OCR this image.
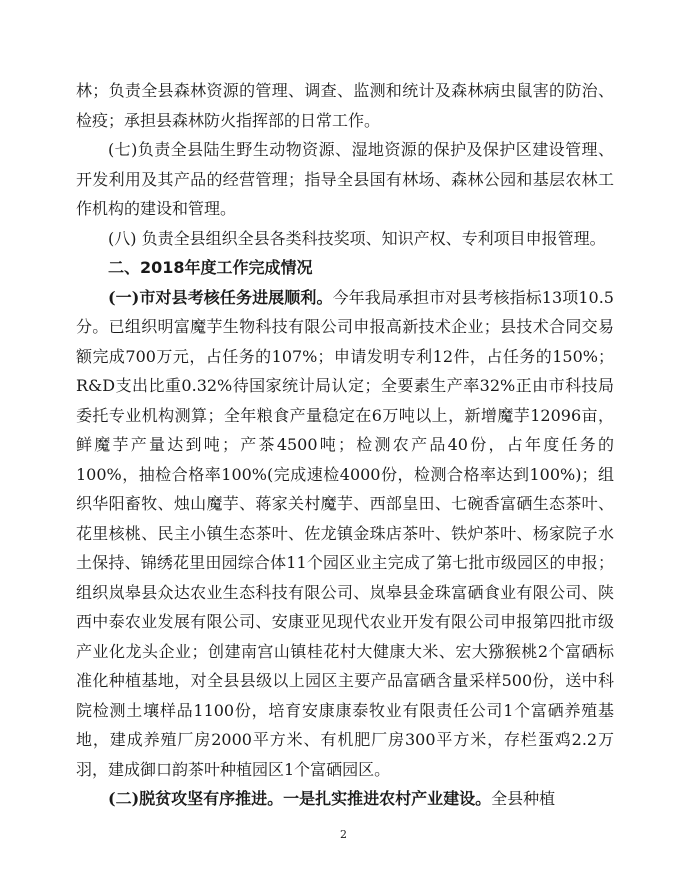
林；负责全县森林资源的管理、调查、监测和统计及森林病虫鼠害的防治、检疫；承担县森林防火指挥部的日常工作。

(七)负责全县陆生野生动物资源、湿地资源的保护及保护区建设管理、开发利用及其产品的经营管理；指导全县国有林场、森林公园和基层农林工作机构的建设和管理。

(八) 负责全县组织全县各类科技奖项、知识产权、专利项目申报管理。

二、2018年度工作完成情况

(一)市对县考核任务进展顺利。今年我局承担市对县考核指标13项10.5分。已组织明富魔芋生物科技有限公司申报高新技术企业；县技术合同交易额完成700万元，占任务的107%；申请发明专利12件，占任务的150%；R&D支出比重0.32%待国家统计局认定；全要素生产率32%正由市科技局委托专业机构测算；全年粮食产量稳定在6万吨以上，新增魔芋12096亩，鲜魔芋产量达到吨；产茶4500吨；检测农产品40份，占年度任务的100%，抽检合格率100%(完成速检4000份，检测合格率达到100%)；组织华阳畜牧、烛山魔芋、蒋家关村魔芋、西部皇田、七碗香富硒生态茶叶、花里核桃、民主小镇生态茶叶、佐龙镇金珠店茶叶、铁炉茶叶、杨家院子水土保持、锦绣花里田园综合体11个园区业主完成了第七批市级园区的申报；组织岚皋县众达农业生态科技有限公司、岚皋县金珠富硒食业有限公司、陕西中泰农业发展有限公司、安康亚见现代农业开发有限公司申报第四批市级产业化龙头企业；创建南宫山镇桂花村大健康大米、宏大猕猴桃2个富硒标准化种植基地，对全县县级以上园区主要产品富硒含量采样500份，送中科院检测土壤样品1100份，培育安康康泰牧业有限责任公司1个富硒养殖基地，建成养殖厂房2000平方米、有机肥厂房300平方米，存栏蛋鸡2.2万羽，建成御口韵茶叶种植园区1个富硒园区。

(二)脱贫攻坚有序推进。一是扎实推进农村产业建设。全县种植

2
